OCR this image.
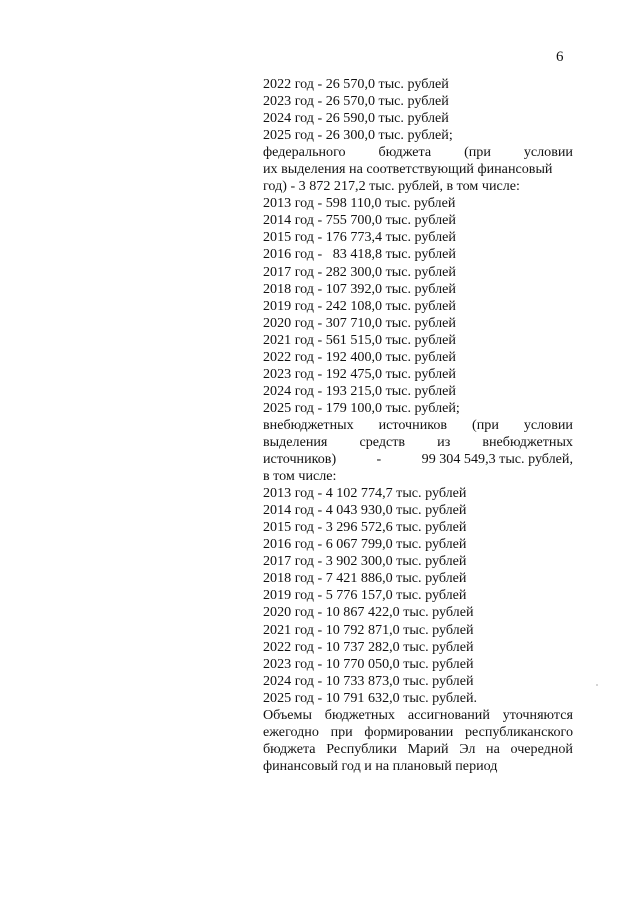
6
2022 год - 26 570,0 тыс. рублей
2023 год - 26 570,0 тыс. рублей
2024 год - 26 590,0 тыс. рублей
2025 год - 26 300,0 тыс. рублей;
федерального бюджета (при условии
их выделения на соответствующий финансовый
год) - 3 872 217,2 тыс. рублей, в том числе:
2013 год - 598 110,0 тыс. рублей
2014 год - 755 700,0 тыс. рублей
2015 год - 176 773,4 тыс. рублей
2016 год -   83 418,8 тыс. рублей
2017 год - 282 300,0 тыс. рублей
2018 год - 107 392,0 тыс. рублей
2019 год - 242 108,0 тыс. рублей
2020 год - 307 710,0 тыс. рублей
2021 год - 561 515,0 тыс. рублей
2022 год - 192 400,0 тыс. рублей
2023 год - 192 475,0 тыс. рублей
2024 год - 193 215,0 тыс. рублей
2025 год - 179 100,0 тыс. рублей;
внебюджетных источников (при условии
выделения средств из внебюджетных
источников)	-	99 304 549,3 тыс. рублей,
в том числе:
2013 год - 4 102 774,7 тыс. рублей
2014 год - 4 043 930,0 тыс. рублей
2015 год - 3 296 572,6 тыс. рублей
2016 год - 6 067 799,0 тыс. рублей
2017 год - 3 902 300,0 тыс. рублей
2018 год - 7 421 886,0 тыс. рублей
2019 год - 5 776 157,0 тыс. рублей
2020 год - 10 867 422,0 тыс. рублей
2021 год - 10 792 871,0 тыс. рублей
2022 год - 10 737 282,0 тыс. рублей
2023 год - 10 770 050,0 тыс. рублей
2024 год - 10 733 873,0 тыс. рублей
2025 год - 10 791 632,0 тыс. рублей.
Объемы бюджетных ассигнований уточняются
ежегодно при формировании республиканского
бюджета Республики Марий Эл на очередной
финансовый год и на плановый период
